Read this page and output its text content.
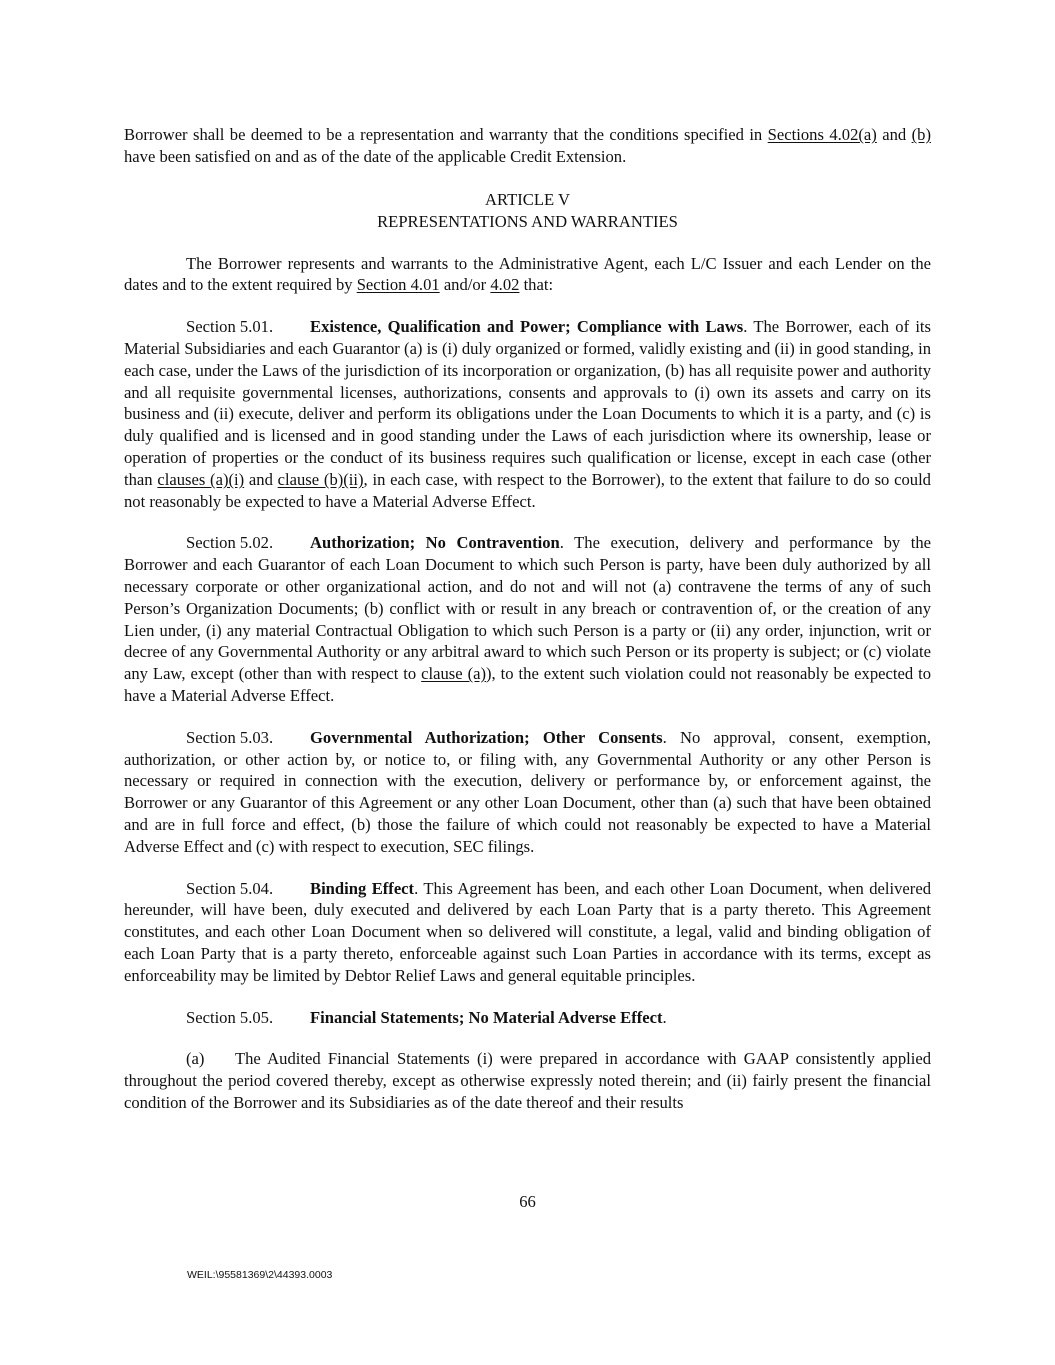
Borrower shall be deemed to be a representation and warranty that the conditions specified in Sections 4.02(a) and (b) have been satisfied on and as of the date of the applicable Credit Extension.

ARTICLE V

REPRESENTATIONS AND WARRANTIES

The Borrower represents and warrants to the Administrative Agent, each L/C Issuer and each Lender on the dates and to the extent required by Section 4.01 and/or 4.02 that:

Section 5.01. Existence, Qualification and Power; Compliance with Laws. The Borrower, each of its Material Subsidiaries and each Guarantor (a) is (i) duly organized or formed, validly existing and (ii) in good standing, in each case, under the Laws of the jurisdiction of its incorporation or organization, (b) has all requisite power and authority and all requisite governmental licenses, authorizations, consents and approvals to (i) own its assets and carry on its business and (ii) execute, deliver and perform its obligations under the Loan Documents to which it is a party, and (c) is duly qualified and is licensed and in good standing under the Laws of each jurisdiction where its ownership, lease or operation of properties or the conduct of its business requires such qualification or license, except in each case (other than clauses (a)(i) and clause (b)(ii), in each case, with respect to the Borrower), to the extent that failure to do so could not reasonably be expected to have a Material Adverse Effect.

Section 5.02. Authorization; No Contravention. The execution, delivery and performance by the Borrower and each Guarantor of each Loan Document to which such Person is party, have been duly authorized by all necessary corporate or other organizational action, and do not and will not (a) contravene the terms of any of such Person’s Organization Documents; (b) conflict with or result in any breach or contravention of, or the creation of any Lien under, (i) any material Contractual Obligation to which such Person is a party or (ii) any order, injunction, writ or decree of any Governmental Authority or any arbitral award to which such Person or its property is subject; or (c) violate any Law, except (other than with respect to clause (a)), to the extent such violation could not reasonably be expected to have a Material Adverse Effect.

Section 5.03. Governmental Authorization; Other Consents. No approval, consent, exemption, authorization, or other action by, or notice to, or filing with, any Governmental Authority or any other Person is necessary or required in connection with the execution, delivery or performance by, or enforcement against, the Borrower or any Guarantor of this Agreement or any other Loan Document, other than (a) such that have been obtained and are in full force and effect, (b) those the failure of which could not reasonably be expected to have a Material Adverse Effect and (c) with respect to execution, SEC filings.

Section 5.04. Binding Effect. This Agreement has been, and each other Loan Document, when delivered hereunder, will have been, duly executed and delivered by each Loan Party that is a party thereto. This Agreement constitutes, and each other Loan Document when so delivered will constitute, a legal, valid and binding obligation of each Loan Party that is a party thereto, enforceable against such Loan Parties in accordance with its terms, except as enforceability may be limited by Debtor Relief Laws and general equitable principles.

Section 5.05. Financial Statements; No Material Adverse Effect.

(a) The Audited Financial Statements (i) were prepared in accordance with GAAP consistently applied throughout the period covered thereby, except as otherwise expressly noted therein; and (ii) fairly present the financial condition of the Borrower and its Subsidiaries as of the date thereof and their results

66
WEIL:\95581369\2\44393.0003
